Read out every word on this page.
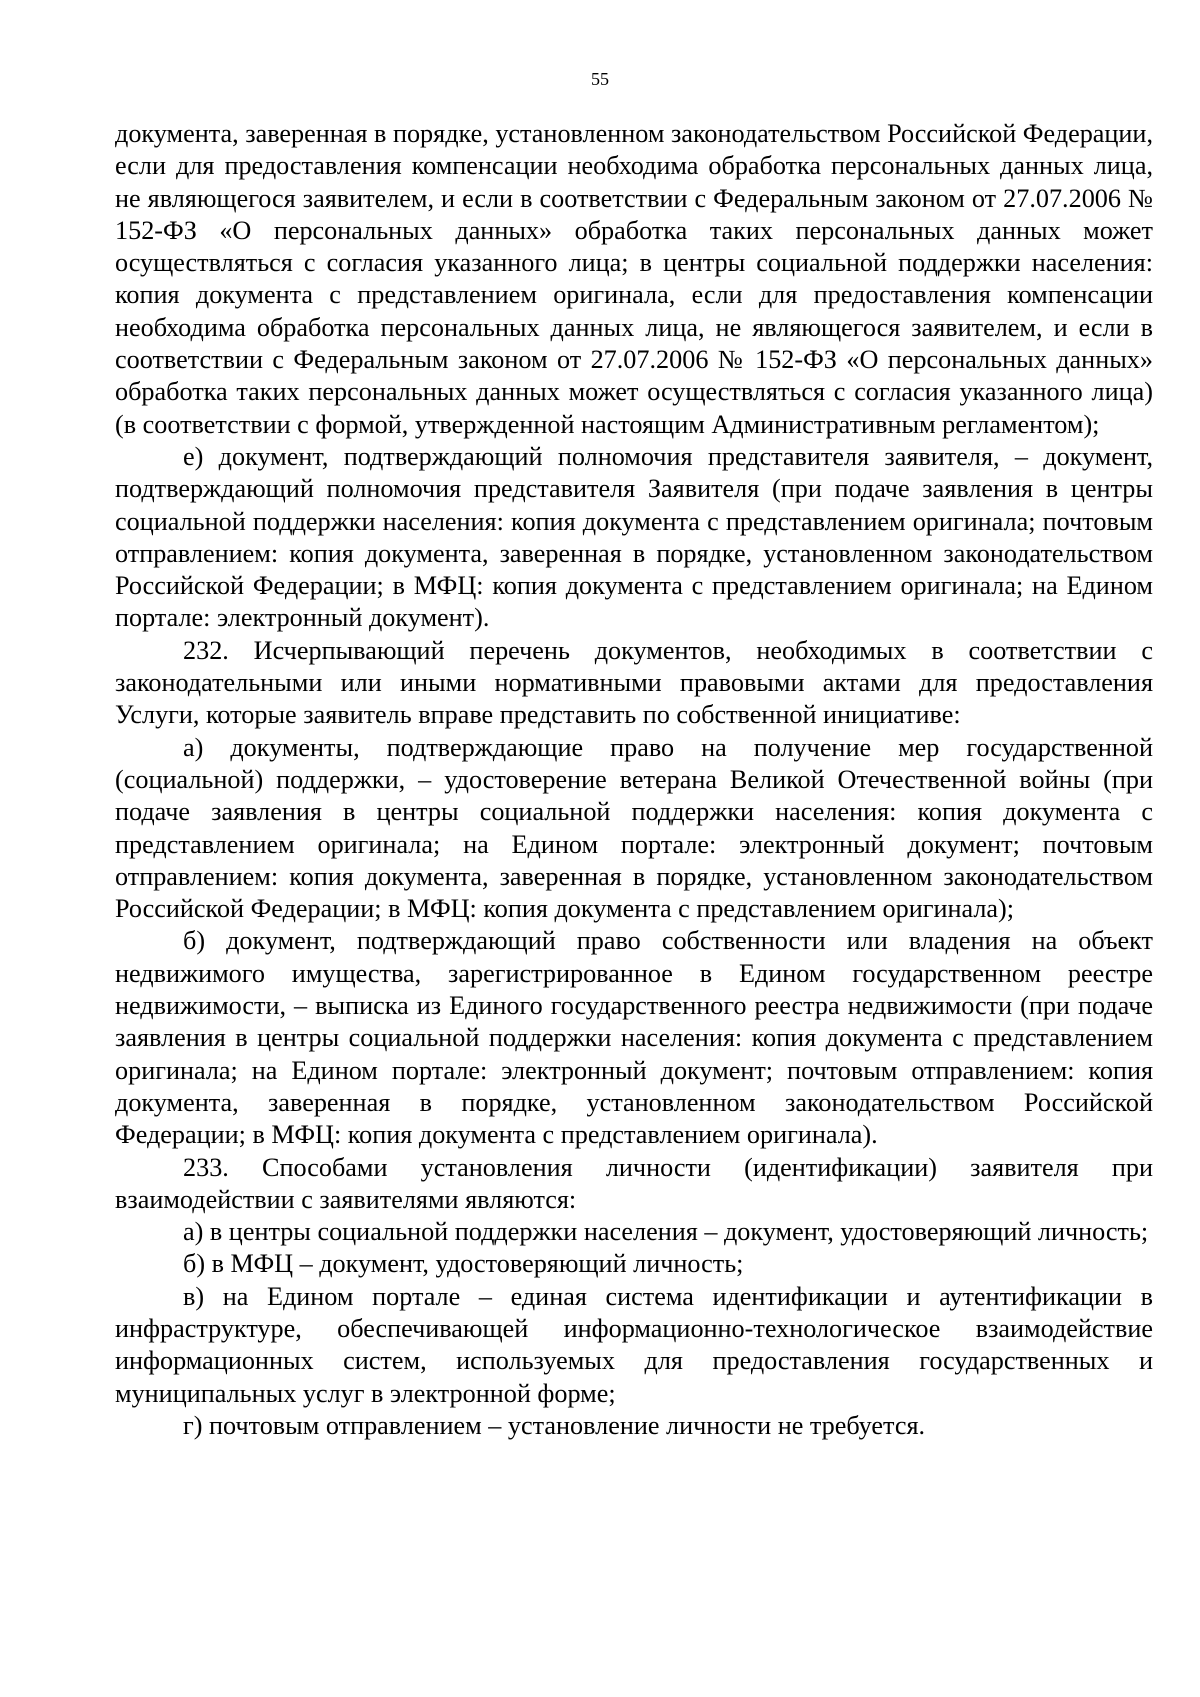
55

документа, заверенная в порядке, установленном законодательством Российской Федерации, если для предоставления компенсации необходима обработка персональных данных лица, не являющегося заявителем, и если в соответствии с Федеральным законом от 27.07.2006 № 152-ФЗ «О персональных данных» обработка таких персональных данных может осуществляться с согласия указанного лица; в центры социальной поддержки населения: копия документа с представлением оригинала, если для предоставления компенсации необходима обработка персональных данных лица, не являющегося заявителем, и если в соответствии с Федеральным законом от 27.07.2006 № 152-ФЗ «О персональных данных» обработка таких персональных данных может осуществляться с согласия указанного лица) (в соответствии с формой, утвержденной настоящим Административным регламентом);

е) документ, подтверждающий полномочия представителя заявителя, – документ, подтверждающий полномочия представителя Заявителя (при подаче заявления в центры социальной поддержки населения: копия документа с представлением оригинала; почтовым отправлением: копия документа, заверенная в порядке, установленном законодательством Российской Федерации; в МФЦ: копия документа с представлением оригинала; на Едином портале: электронный документ).

232. Исчерпывающий перечень документов, необходимых в соответствии с законодательными или иными нормативными правовыми актами для предоставления Услуги, которые заявитель вправе представить по собственной инициативе:

а) документы, подтверждающие право на получение мер государственной (социальной) поддержки, – удостоверение ветерана Великой Отечественной войны (при подаче заявления в центры социальной поддержки населения: копия документа с представлением оригинала; на Едином портале: электронный документ; почтовым отправлением: копия документа, заверенная в порядке, установленном законодательством Российской Федерации; в МФЦ: копия документа с представлением оригинала);

б) документ, подтверждающий право собственности или владения на объект недвижимого имущества, зарегистрированное в Едином государственном реестре недвижимости, – выписка из Единого государственного реестра недвижимости (при подаче заявления в центры социальной поддержки населения: копия документа с представлением оригинала; на Едином портале: электронный документ; почтовым отправлением: копия документа, заверенная в порядке, установленном законодательством Российской Федерации; в МФЦ: копия документа с представлением оригинала).

233. Способами установления личности (идентификации) заявителя при взаимодействии с заявителями являются:

а) в центры социальной поддержки населения – документ, удостоверяющий личность;

б) в МФЦ – документ, удостоверяющий личность;

в) на Едином портале – единая система идентификации и аутентификации в инфраструктуре, обеспечивающей информационно-технологическое взаимодействие информационных систем, используемых для предоставления государственных и муниципальных услуг в электронной форме;

г) почтовым отправлением – установление личности не требуется.
